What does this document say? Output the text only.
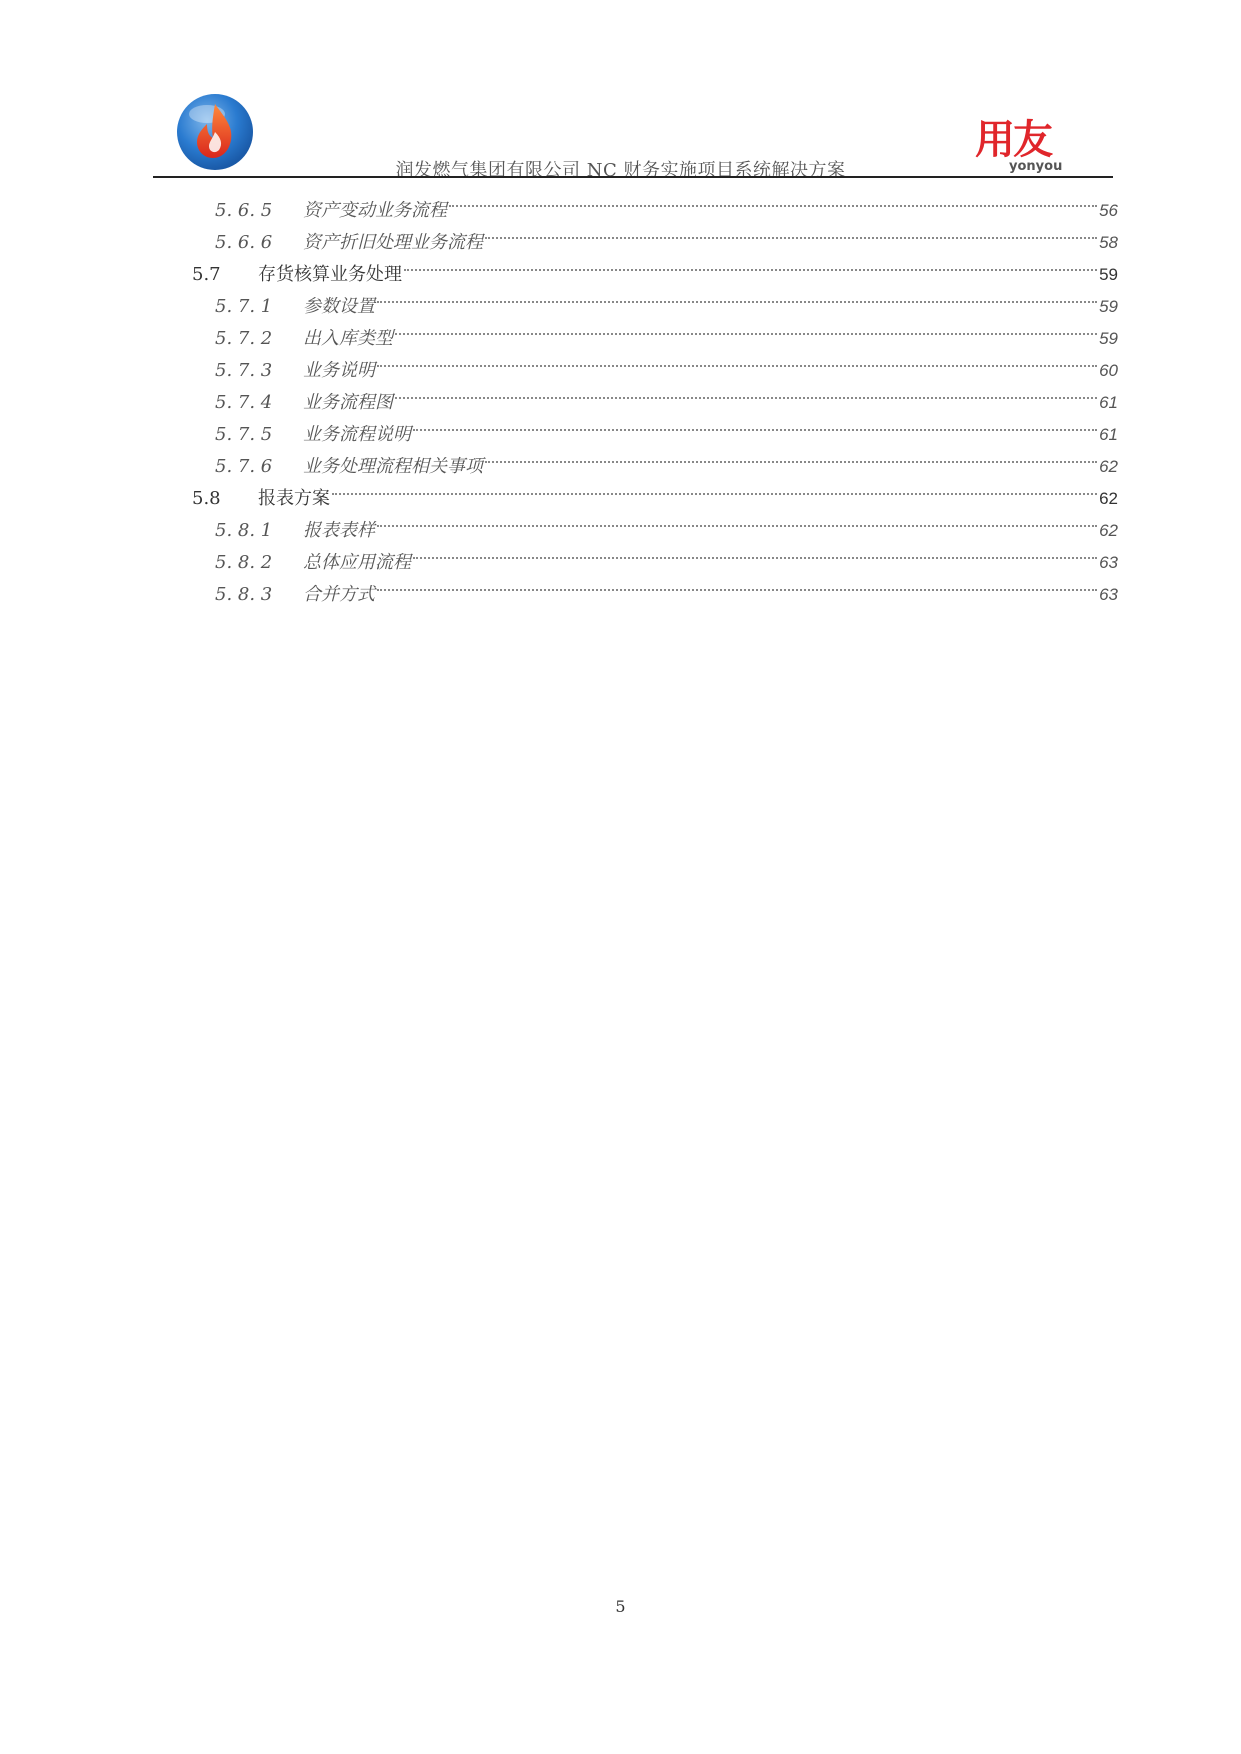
润发燃气集团有限公司 NC 财务实施项目系统解决方案
用友
yonyou
5. 6. 5	资产变动业务流程	56
5. 6. 6	资产折旧处理业务流程	58
5.7	存货核算业务处理	59
5. 7. 1	参数设置	59
5. 7. 2	出入库类型	59
5. 7. 3	业务说明	60
5. 7. 4	业务流程图	61
5. 7. 5	业务流程说明	61
5. 7. 6	业务处理流程相关事项	62
5.8	报表方案	62
5. 8. 1	报表表样	62
5. 8. 2	总体应用流程	63
5. 8. 3	合并方式	63
5
